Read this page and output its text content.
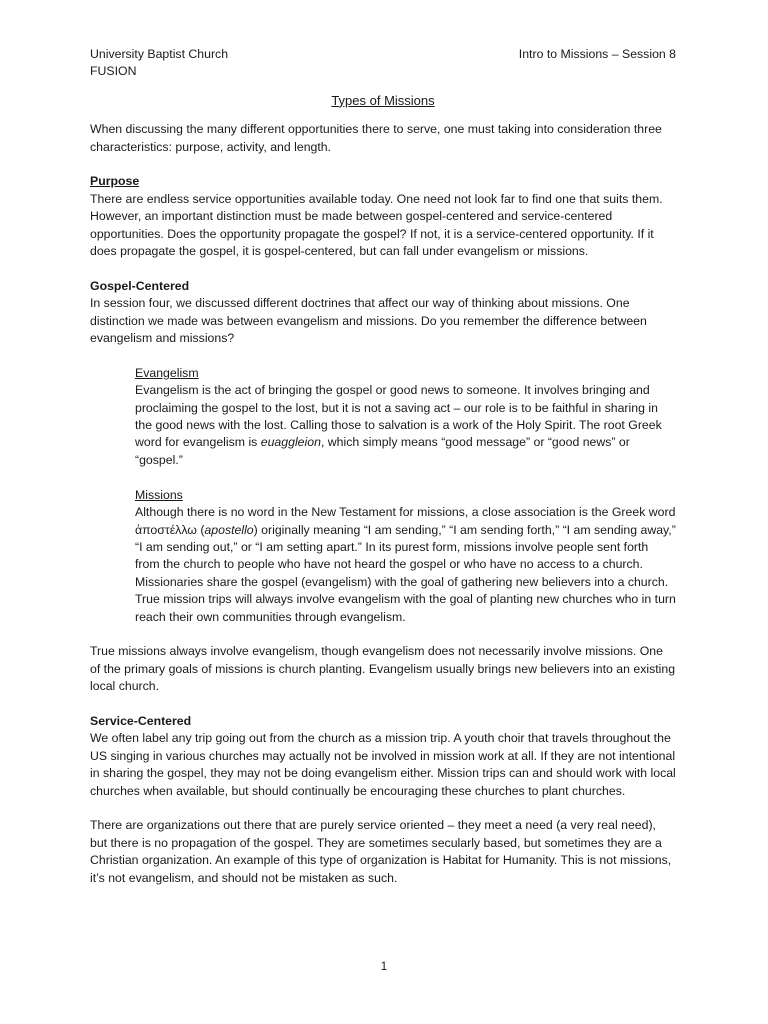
University Baptist Church
FUSION
Intro to Missions – Session 8
Types of Missions

When discussing the many different opportunities there to serve, one must taking into consideration three characteristics: purpose, activity, and length.

Purpose

There are endless service opportunities available today. One need not look far to find one that suits them. However, an important distinction must be made between gospel-centered and service-centered opportunities. Does the opportunity propagate the gospel? If not, it is a service-centered opportunity. If it does propagate the gospel, it is gospel-centered, but can fall under evangelism or missions.

Gospel-Centered

In session four, we discussed different doctrines that affect our way of thinking about missions. One distinction we made was between evangelism and missions. Do you remember the difference between evangelism and missions?

Evangelism

Evangelism is the act of bringing the gospel or good news to someone. It involves bringing and proclaiming the gospel to the lost, but it is not a saving act – our role is to be faithful in sharing in the good news with the lost. Calling those to salvation is a work of the Holy Spirit. The root Greek word for evangelism is euaggleion, which simply means “good message” or “good news” or “gospel.”

Missions

Although there is no word in the New Testament for missions, a close association is the Greek word ἀποστέλλω (apostello) originally meaning “I am sending,” “I am sending forth,” “I am sending away,” “I am sending out,” or “I am setting apart.” In its purest form, missions involve people sent forth from the church to people who have not heard the gospel or who have no access to a church. Missionaries share the gospel (evangelism) with the goal of gathering new believers into a church. True mission trips will always involve evangelism with the goal of planting new churches who in turn reach their own communities through evangelism.

True missions always involve evangelism, though evangelism does not necessarily involve missions. One of the primary goals of missions is church planting. Evangelism usually brings new believers into an existing local church.

Service-Centered

We often label any trip going out from the church as a mission trip. A youth choir that travels throughout the US singing in various churches may actually not be involved in mission work at all. If they are not intentional in sharing the gospel, they may not be doing evangelism either. Mission trips can and should work with local churches when available, but should continually be encouraging these churches to plant churches.

There are organizations out there that are purely service oriented – they meet a need (a very real need), but there is no propagation of the gospel. They are sometimes secularly based, but sometimes they are a Christian organization. An example of this type of organization is Habitat for Humanity. This is not missions, it’s not evangelism, and should not be mistaken as such.

1
